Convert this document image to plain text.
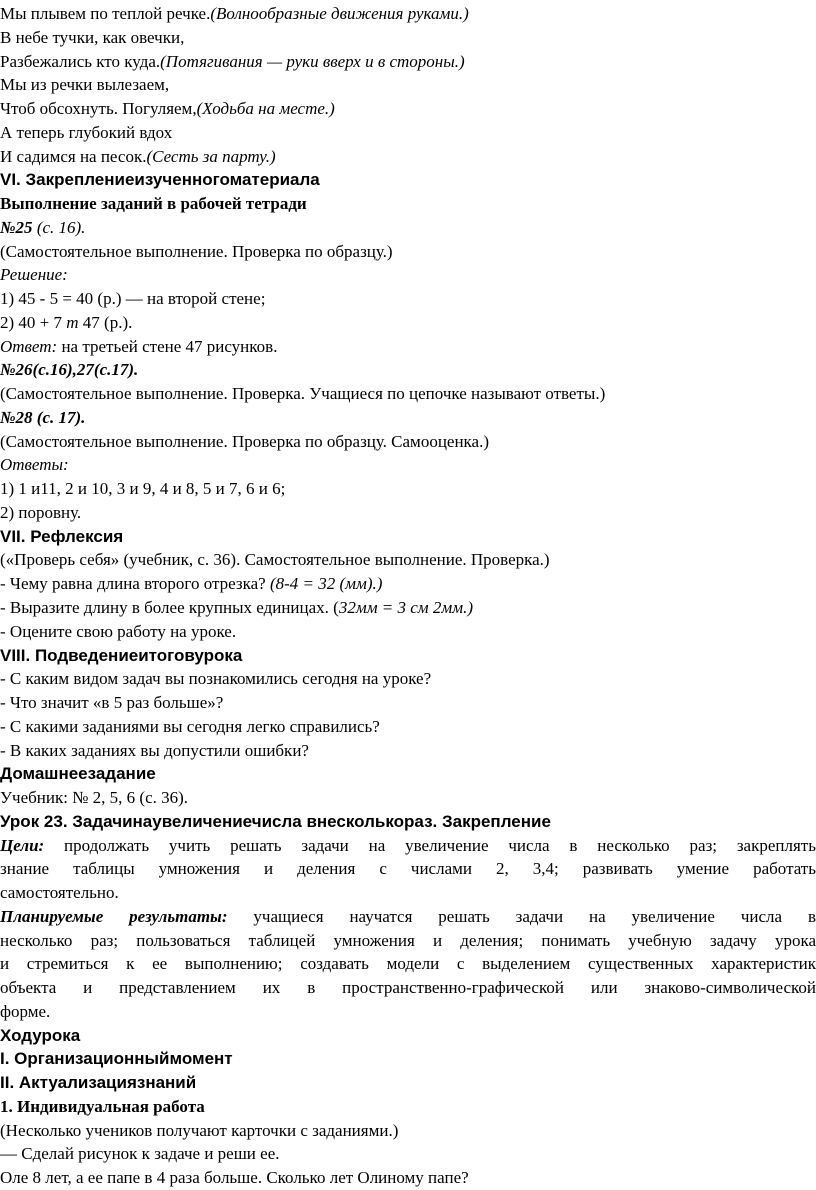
Мы плывем по теплой речке.(Волнообразные движения руками.)
В небе тучки, как овечки,
Разбежались кто куда.(Потягивания — руки вверх и в стороны.)
Мы из речки вылезаем,
Чтоб обсохнуть. Погуляем,(Ходьба на месте.)
А теперь глубокий вдох
И садимся на песок.(Сесть за парту.)
VI. Закреплениеизученногоматериала
Выполнение заданий в рабочей тетради
№25 (с. 16).
(Самостоятельное выполнение. Проверка по образцу.)
Решение:
1) 45 - 5 = 40 (р.) — на второй стене;
2) 40 + 7 т 47 (р.).
Ответ: на третьей стене 47 рисунков.
№26(с.16),27(с.17).
(Самостоятельное выполнение. Проверка. Учащиеся по цепочке называют ответы.)
№28 (с. 17).
(Самостоятельное выполнение. Проверка по образцу. Самооценка.)
Ответы:
1) 1 и11, 2 и 10, 3 и 9, 4 и 8, 5 и 7, 6 и 6;
2) поровну.
VII. Рефлексия
(«Проверь себя» (учебник, с. 36). Самостоятельное выполнение. Проверка.)
- Чему равна длина второго отрезка? (8-4 = 32 (мм).)
- Выразите длину в более крупных единицах. (32мм = 3 см 2мм.)
- Оцените свою работу на уроке.
VIII. Подведениеитоговурока
- С каким видом задач вы познакомились сегодня на уроке?
- Что значит «в 5 раз больше»?
- С какими заданиями вы сегодня легко справились?
- В каких заданиях вы допустили ошибки?
Домашнеезадание
Учебник: № 2, 5, 6 (с. 36).
Урок 23. Задачинаувеличениечисла внесколькораз. Закрепление
Цели: продолжать учить решать задачи на увеличение числа в несколько раз; закреплять
знание таблицы умножения и деления с числами 2, 3,4; развивать умение работать
самостоятельно.
Планируемые результаты: учащиеся научатся решать задачи на увеличение числа в
несколько раз; пользоваться таблицей умножения и деления; понимать учебную задачу урока
и стремиться к ее выполнению; создавать модели с выделением существенных характеристик
объекта и представлением их в пространственно-графической или знаково-символической
форме.
Ходурока
I. Организационныймомент
II. Актуализациязнаний
1. Индивидуальная работа
(Несколько учеников получают карточки с заданиями.)
— Сделай рисунок к задаче и реши ее.
Оле 8 лет, а ее папе в 4 раза больше. Сколько лет Олиному папе?
